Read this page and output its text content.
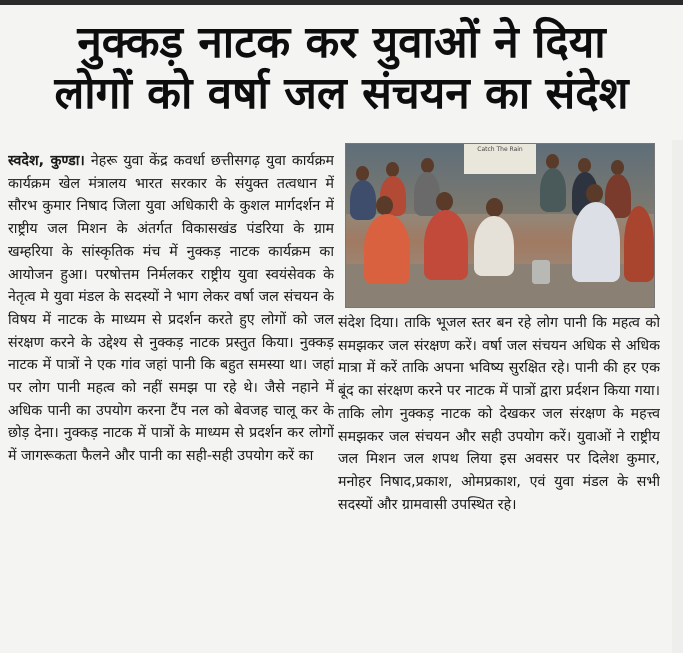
नुक्कड़ नाटक कर युवाओं ने दिया
लोगों को वर्षा जल संचयन का संदेश
स्वदेश, कुण्डा। नेहरू युवा केंद्र कवर्धा छत्तीसगढ़ युवा कार्यक्रम कार्यक्रम खेल मंत्रालय भारत सरकार के संयुक्त तत्वधान में सौरभ कुमार निषाद जिला युवा अधिकारी के कुशल मार्गदर्शन में राष्ट्रीय जल मिशन के अंतर्गत विकासखंड पंडरिया के ग्राम खम्हरिया के सांस्कृतिक मंच में नुक्कड़ नाटक कार्यक्रम का आयोजन हुआ। परषोत्तम निर्मलकर राष्ट्रीय युवा स्वयंसेवक के नेतृत्व मे युवा मंडल के सदस्यों ने भाग लेकर वर्षा जल संचयन के विषय में नाटक के माध्यम से प्रदर्शन करते हुए लोगों को जल संरक्षण करने के उद्देश्य से नुक्कड़ नाटक प्रस्तुत किया। नुक्कड़ नाटक में पात्रों ने एक गांव जहां पानी कि बहुत समस्या था। जहां पर लोग पानी महत्व को नहीं समझ पा रहे थे। जैसे नहाने में अधिक पानी का उपयोग करना टैंप नल को बेवजह चालू कर के छोड़ देना। नुक्कड़ नाटक में पात्रों के माध्यम से प्रदर्शन कर लोगों में जागरूकता फैलने और पानी का सही-सही उपयोग करें का
Catch The Rain
संदेश दिया। ताकि भूजल स्तर बन रहे लोग पानी कि महत्व को समझकर जल संरक्षण करें। वर्षा जल संचयन अधिक से अधिक मात्रा में करें ताकि अपना भविष्य सुरक्षित रहे। पानी की हर एक बूंद का संरक्षण करने पर नाटक में पात्रों द्वारा प्रर्दशन किया गया। ताकि लोग नुक्कड़ नाटक को देखकर जल संरक्षण के महत्त्व समझकर जल संचयन और सही उपयोग करें। युवाओं ने राष्ट्रीय जल मिशन जल शपथ लिया इस अवसर पर दिलेश कुमार, मनोहर निषाद,प्रकाश, ओमप्रकाश, एवं युवा मंडल के सभी सदस्यों और ग्रामवासी उपस्थित रहे।
